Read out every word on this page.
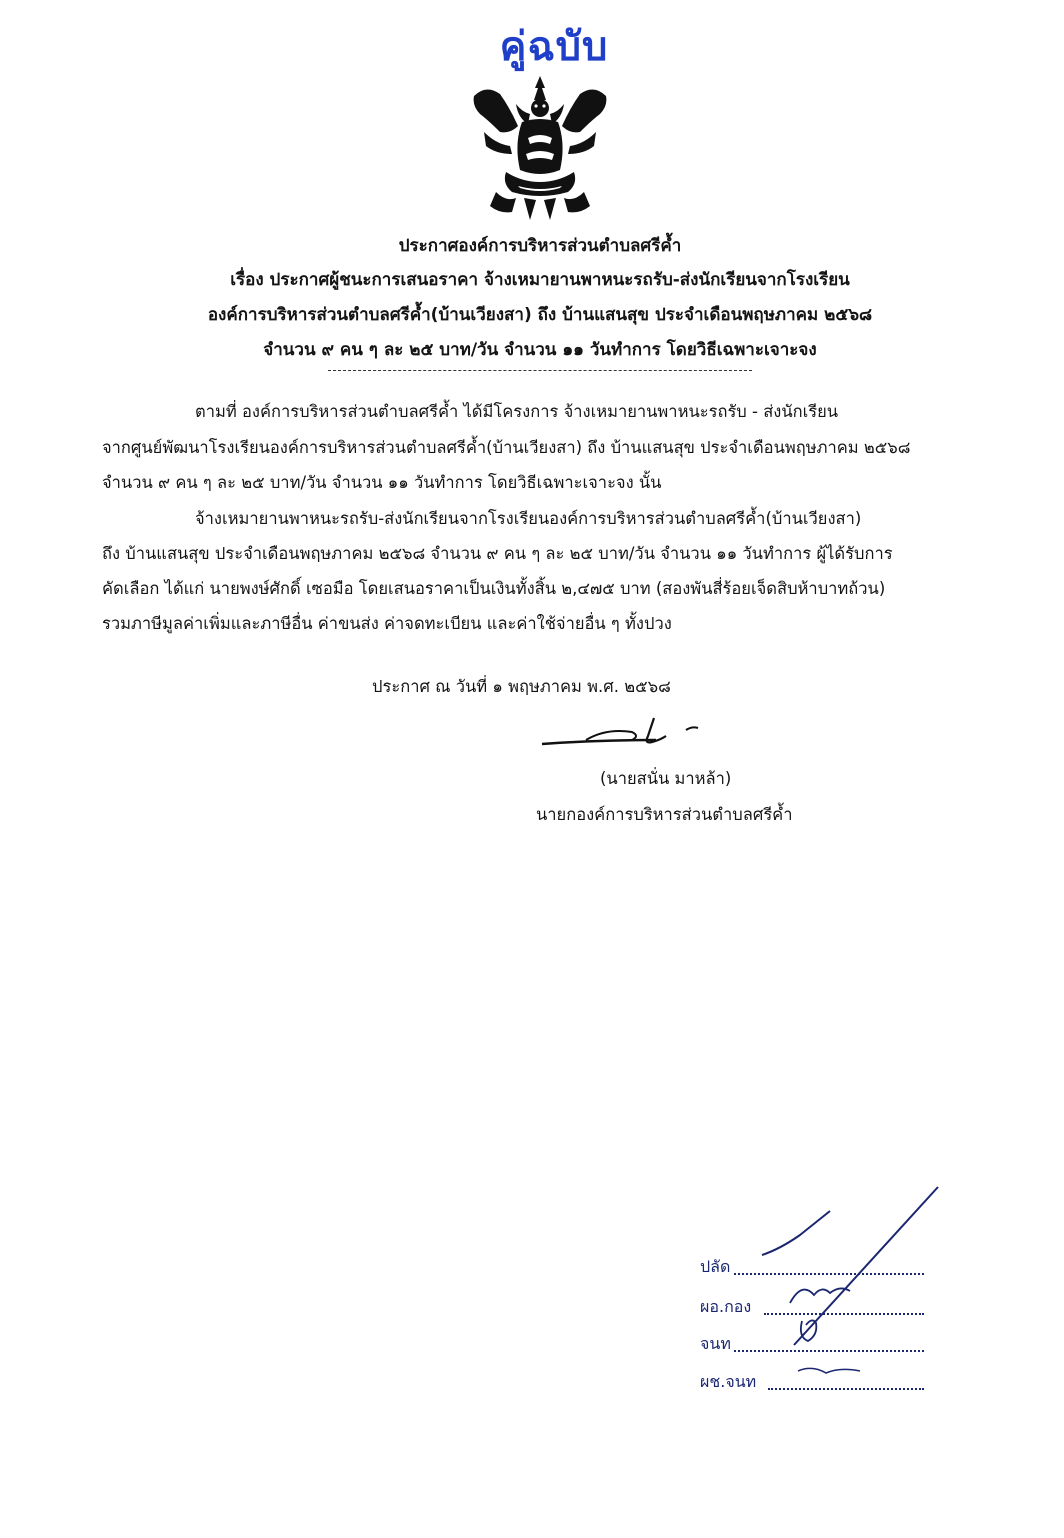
คู่ฉบับ
ประกาศองค์การบริหารส่วนตำบลศรีค้ำ
เรื่อง ประกาศผู้ชนะการเสนอราคา จ้างเหมายานพาหนะรถรับ-ส่งนักเรียนจากโรงเรียน
องค์การบริหารส่วนตำบลศรีค้ำ(บ้านเวียงสา) ถึง บ้านแสนสุข ประจำเดือนพฤษภาคม ๒๕๖๘
จำนวน ๙ คน ๆ ละ ๒๕ บาท/วัน จำนวน ๑๑ วันทำการ โดยวิธีเฉพาะเจาะจง
ตามที่ องค์การบริหารส่วนตำบลศรีค้ำ ได้มีโครงการ จ้างเหมายานพาหนะรถรับ - ส่งนักเรียน
จากศูนย์พัฒนาโรงเรียนองค์การบริหารส่วนตำบลศรีค้ำ(บ้านเวียงสา) ถึง บ้านแสนสุข ประจำเดือนพฤษภาคม ๒๕๖๘
จำนวน ๙ คน ๆ ละ ๒๕ บาท/วัน จำนวน ๑๑ วันทำการ โดยวิธีเฉพาะเจาะจง นั้น
จ้างเหมายานพาหนะรถรับ-ส่งนักเรียนจากโรงเรียนองค์การบริหารส่วนตำบลศรีค้ำ(บ้านเวียงสา)
ถึง บ้านแสนสุข ประจำเดือนพฤษภาคม ๒๕๖๘ จำนวน ๙ คน ๆ ละ ๒๕ บาท/วัน จำนวน ๑๑ วันทำการ ผู้ได้รับการ
คัดเลือก ได้แก่ นายพงษ์ศักดิ์ เซอมือ โดยเสนอราคาเป็นเงินทั้งสิ้น ๒,๔๗๕ บาท (สองพันสี่ร้อยเจ็ดสิบห้าบาทถ้วน)
รวมภาษีมูลค่าเพิ่มและภาษีอื่น ค่าขนส่ง ค่าจดทะเบียน และค่าใช้จ่ายอื่น ๆ ทั้งปวง
ประกาศ ณ วันที่ ๑ พฤษภาคม พ.ศ. ๒๕๖๘
(นายสนั่น มาหล้า)
นายกองค์การบริหารส่วนตำบลศรีค้ำ
ปลัด
ผอ.กอง
จนท
ผช.จนท
